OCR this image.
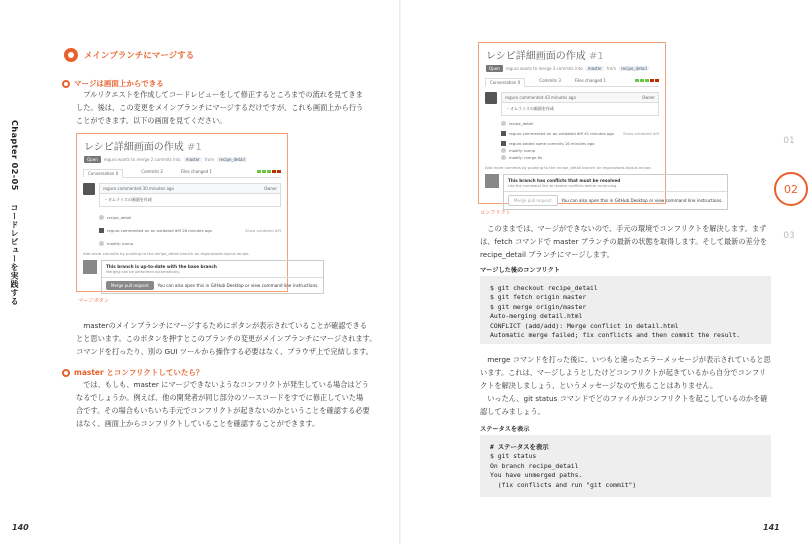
Chapter 02-05  コードレビューを実践する
メインブランチにマージする
マージは画面上からできる
　プルリクエストを作成してコードレビューをして修正するところまでの流れを見てきま
した。後は、この変更をメインブランチにマージするだけですが、これも画面上から行う
ことができます。以下の画面を見てください。
レシピ詳細画面の作成 #1
Open	reguro wants to merge 2 commits into	master	from	recipe_detail
Conversation 0	Commits 2	Files changed 1
reguro commented 30 minutes ago	Owner
・オムライスの画面を作成
recipe_detail
reguro commented on an outdated diff 28 minutes ago	Show outdated diff
modify: bump
Add more commits by pushing to the recipe_detail branch on reguro/web-layout-recipe.
This branch is up-to-date with the base branch
Merging can be performed automatically.
Merge pull request You can also open this in GitHub Desktop or view command line instructions.
マージボタン
　masterのメインブランチにマージするためにボタンが表示されていることが確認できる
とと思います。このボタンを押すとこのブランチの変更がメインブランチにマージされます。
コマンドを打ったり、別の GUI ツールから操作する必要はなく、ブラウザ上で完結します。
master とコンフリクトしていたら？
　では、もしも、master にマージできないようなコンフリクトが発生している場合はどう
なるでしょうか。例えば、他の開発者が同じ部分のソースコードをすでに修正していた場
合です。その場合もいちいち手元でコンフリクトが起きないのかということを確認する必要
はなく、画面上からコンフリクトしていることを確認することができます。
140
レシピ詳細画面の作成 #1
Open	reguro wants to merge 3 commits into	master	from	recipe_detail
Conversation 0	Commits 3	Files changed 1
reguro commented 43 minutes ago	Owner
・オムライスの画面を作成
recipe_detail
reguro commented on an outdated diff 41 minutes ago Show outdated diff
reguro added some commits 16 minutes ago
modify: bump
modify: merge fix
Add more commits by pushing to the recipe_detail branch on reguro/web-layout-recipe.
This branch has conflicts that must be resolved
Use the command line to resolve conflicts before continuing.
Merge pull request You can also open this in GitHub Desktop or view command line instructions.
コンフリクト
　このままでは、マージができないので、手元の環境でコンフリクトを解決します。まず
は、fetch コマンドで master ブランチの最新の状態を取得します。そして最新の差分を
recipe_detail ブランチにマージします。
マージした後のコンフリクト
$ git checkout recipe_detail
$ git fetch origin master
$ git merge origin/master
Auto-merging detail.html
CONFLICT (add/add): Merge conflict in detail.html
Automatic merge failed; fix conflicts and then commit the result.
　merge コマンドを打った後に、いつもと違ったエラーメッセージが表示されていると思
います。これは、マージしようとしたけどコンフリクトが起きているから自分でコンフリ
クトを解決しましょう、というメッセージなので焦ることはありません。
　いったん、git status コマンドでどのファイルがコンフリクトを起こしているのかを確
認してみましょう。
ステータスを表示
# ステータスを表示
$ git status
On branch recipe_detail
You have unmerged paths.
(fix conflicts and run "git commit")
141
01
02
03
